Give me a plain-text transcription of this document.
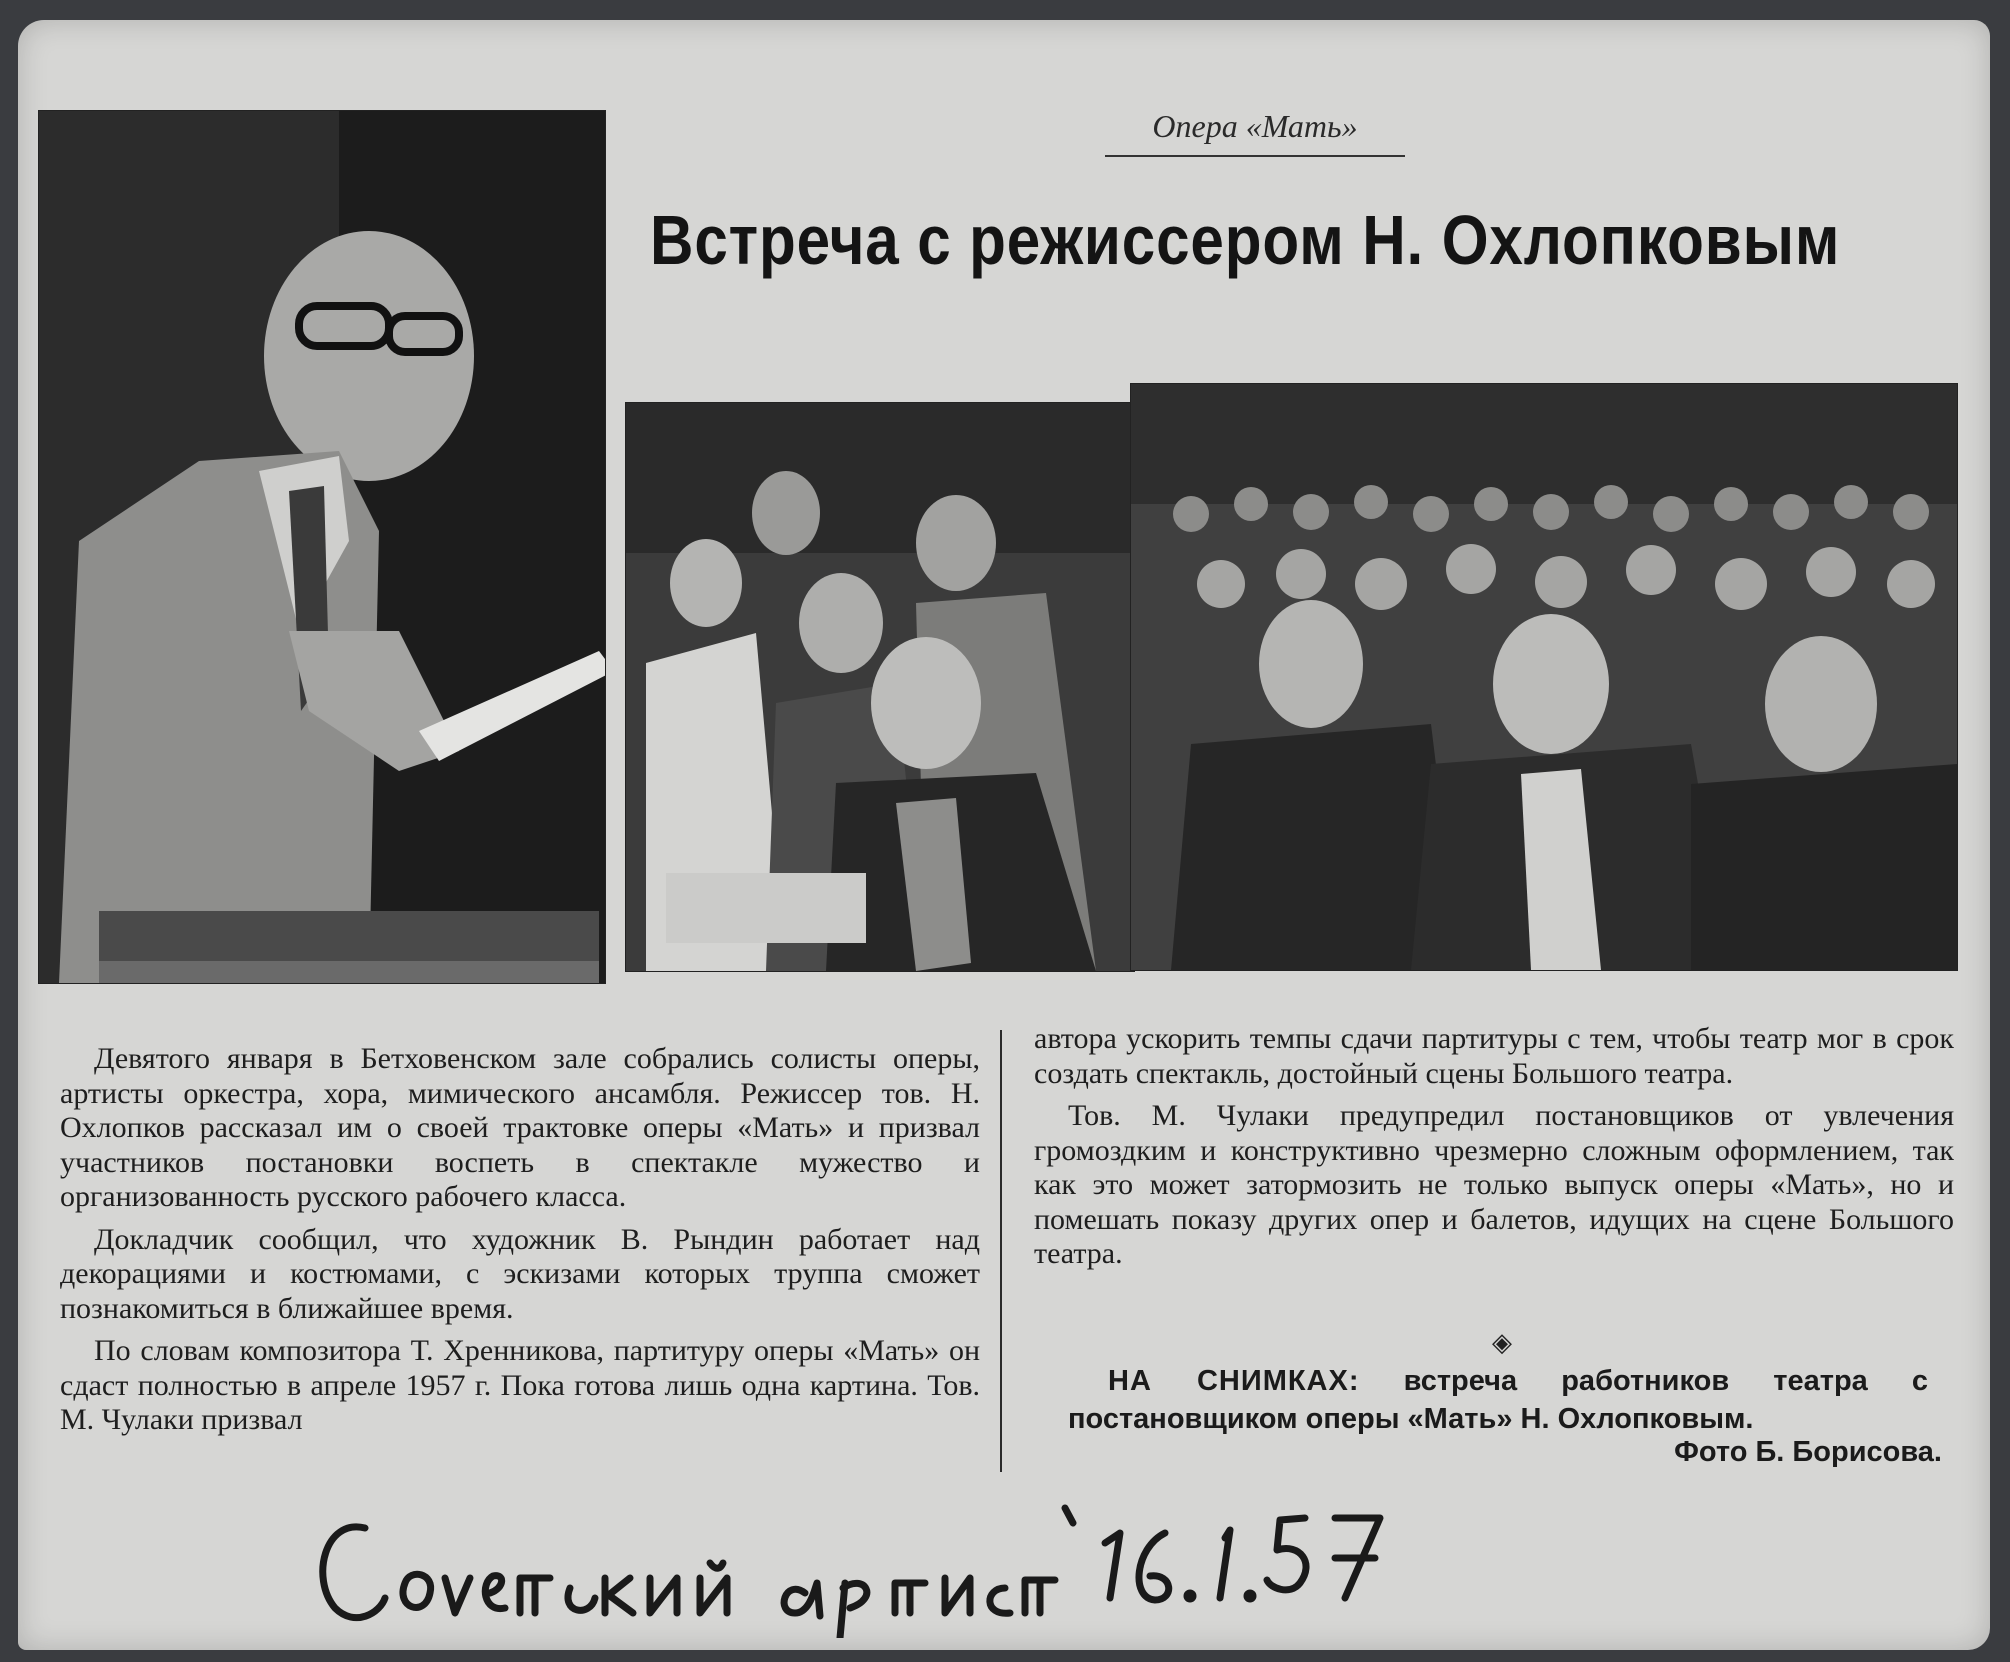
Опера «Мать»
Встреча с режиссером Н. Охлопковым

Девятого января в Бетховенском зале собрались солисты оперы, артисты оркестра, хора, мимического ансамбля. Режиссер тов. Н. Охлопков рассказал им о своей трактовке оперы «Мать» и призвал участников постановки воспеть в спектакле мужество и организованность русского рабочего класса.

Докладчик сообщил, что художник В. Рындин работает над декорациями и костюмами, с эскизами которых труппа сможет познакомиться в ближайшее время.

По словам композитора Т. Хренникова, партитуру оперы «Мать» он сдаст полностью в апреле 1957 г. Пока готова лишь одна картина. Тов. М. Чулаки призвал

автора ускорить темпы сдачи партитуры с тем, чтобы театр мог в срок создать спектакль, достойный сцены Большого театра.

Тов. М. Чулаки предупредил постановщиков от увлечения громоздким и конструктивно чрезмерно сложным оформлением, так как это может затормозить не только выпуск оперы «Мать», но и помешать показу других опер и балетов, идущих на сцене Большого театра.

◈
НА СНИМКАХ: встреча работников театра с постановщиком оперы «Мать» Н. Охлопковым.
Фото Б. Борисова.
